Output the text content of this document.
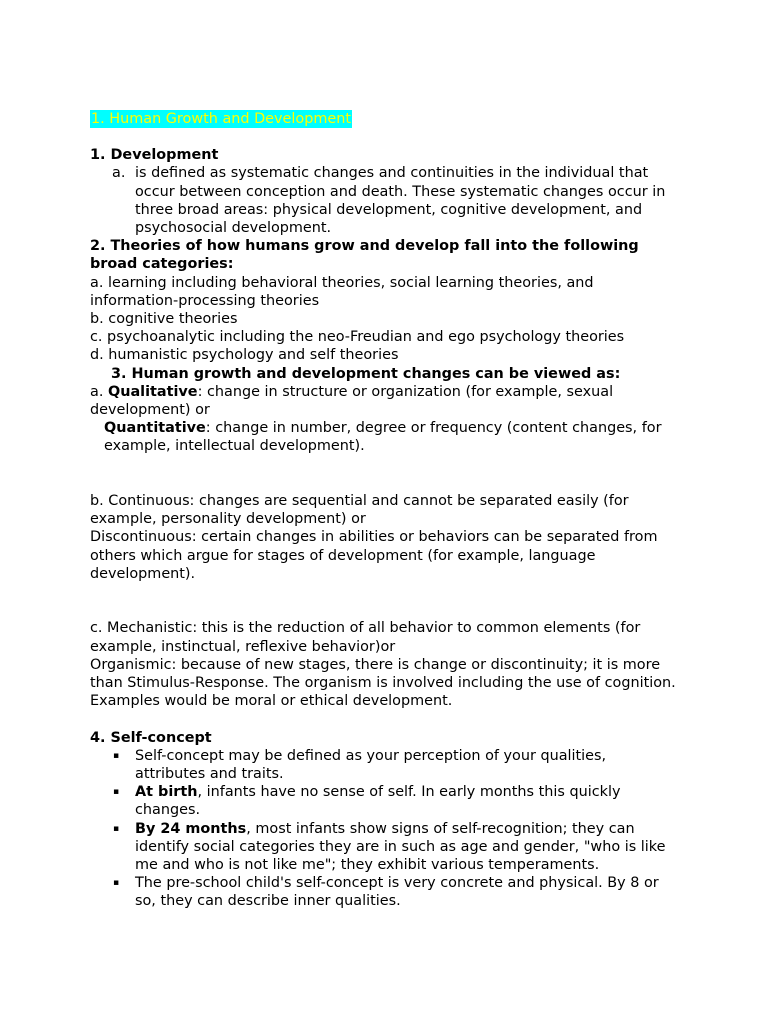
1. Human Growth and Development

1. Development

a. is defined as systematic changes and continuities in the individual that occur between conception and death. These systematic changes occur in three broad areas: physical development, cognitive development, and psychosocial development.

2. Theories of how humans grow and develop fall into the following broad categories:

a. learning including behavioral theories, social learning theories, and information-processing theories

b. cognitive theories

c. psychoanalytic including the neo-Freudian and ego psychology theories

d. humanistic psychology and self theories

3. Human growth and development changes can be viewed as:

a. Qualitative: change in structure or organization (for example, sexual development) or

Quantitative: change in number, degree or frequency (content changes, for example, intellectual development).

b. Continuous: changes are sequential and cannot be separated easily (for example, personality development) or

Discontinuous: certain changes in abilities or behaviors can be separated from others which argue for stages of development (for example, language development).

c. Mechanistic: this is the reduction of all behavior to common elements (for example, instinctual, reflexive behavior)or

Organismic: because of new stages, there is change or discontinuity; it is more than Stimulus-Response. The organism is involved including the use of cognition. Examples would be moral or ethical development.

4. Self-concept

▪ Self-concept may be defined as your perception of your qualities, attributes and traits.
▪ At birth, infants have no sense of self. In early months this quickly changes.
▪ By 24 months, most infants show signs of self-recognition; they can identify social categories they are in such as age and gender, "who is like me and who is not like me"; they exhibit various temperaments.
▪ The pre-school child's self-concept is very concrete and physical. By 8 or so, they can describe inner qualities.
